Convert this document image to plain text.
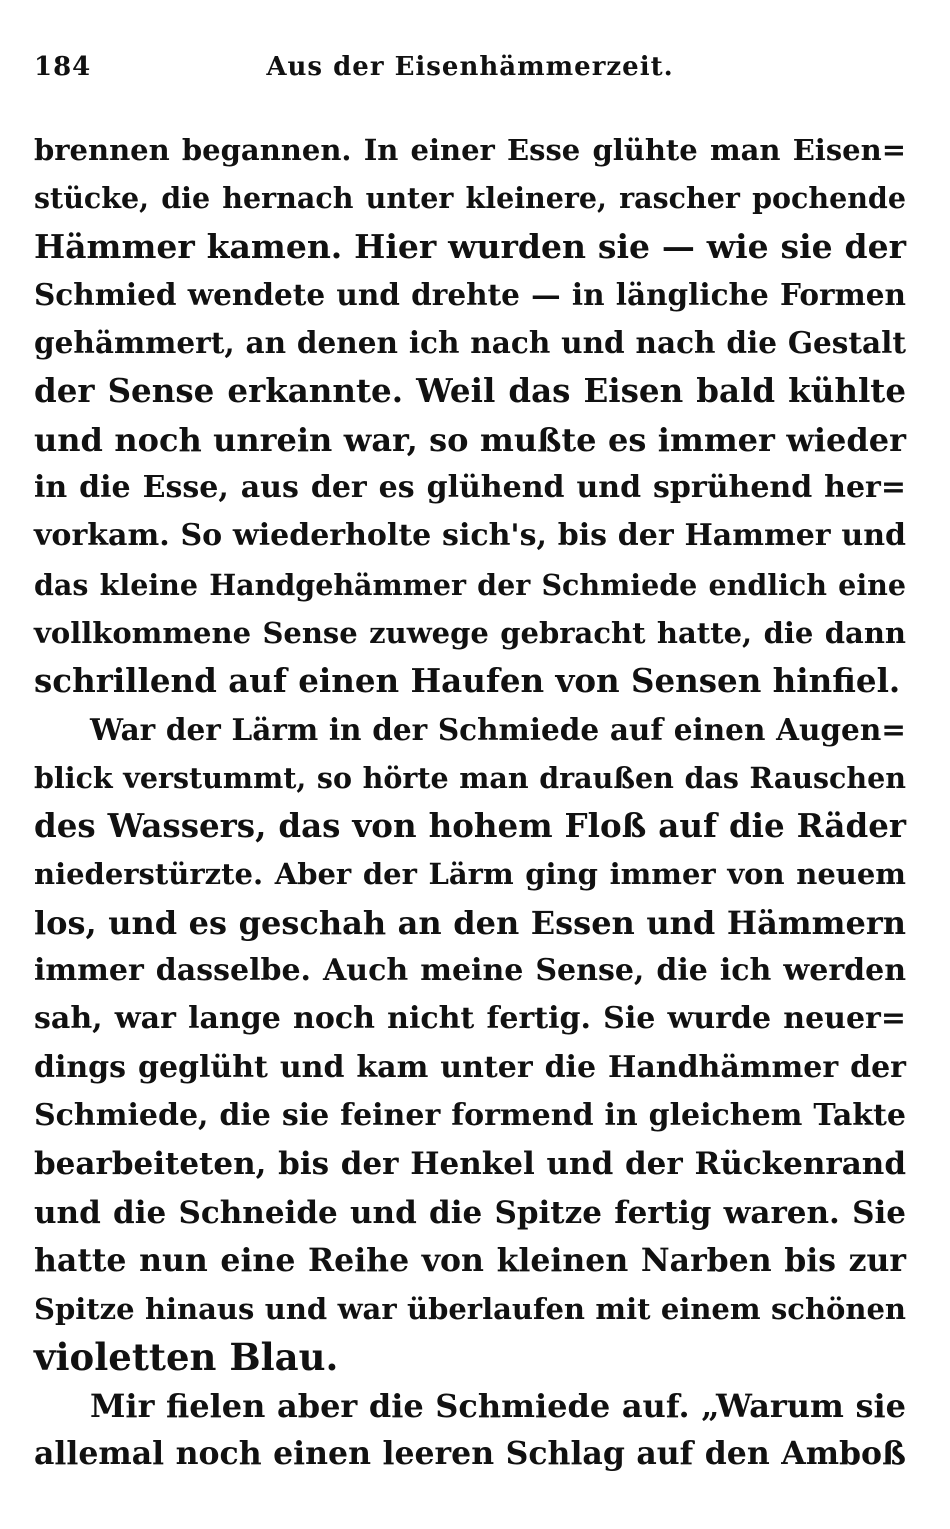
184	Aus der Eisenhämmerzeit.
brennen begannen. In einer Esse glühte man Eisen=
stücke, die hernach unter kleinere, rascher pochende
Hämmer kamen. Hier wurden sie — wie sie der
Schmied wendete und drehte — in längliche Formen
gehämmert, an denen ich nach und nach die Gestalt
der Sense erkannte. Weil das Eisen bald kühlte
und noch unrein war, so mußte es immer wieder
in die Esse, aus der es glühend und sprühend her=
vorkam. So wiederholte sich's, bis der Hammer und
das kleine Handgehämmer der Schmiede endlich eine
vollkommene Sense zuwege gebracht hatte, die dann
schrillend auf einen Haufen von Sensen hinfiel.
War der Lärm in der Schmiede auf einen Augen=
blick verstummt, so hörte man draußen das Rauschen
des Wassers, das von hohem Floß auf die Räder
niederstürzte. Aber der Lärm ging immer von neuem
los, und es geschah an den Essen und Hämmern
immer dasselbe. Auch meine Sense, die ich werden
sah, war lange noch nicht fertig. Sie wurde neuer=
dings geglüht und kam unter die Handhämmer der
Schmiede, die sie feiner formend in gleichem Takte
bearbeiteten, bis der Henkel und der Rückenrand
und die Schneide und die Spitze fertig waren. Sie
hatte nun eine Reihe von kleinen Narben bis zur
Spitze hinaus und war überlaufen mit einem schönen
violetten Blau.
Mir fielen aber die Schmiede auf. „Warum sie
allemal noch einen leeren Schlag auf den Amboß
